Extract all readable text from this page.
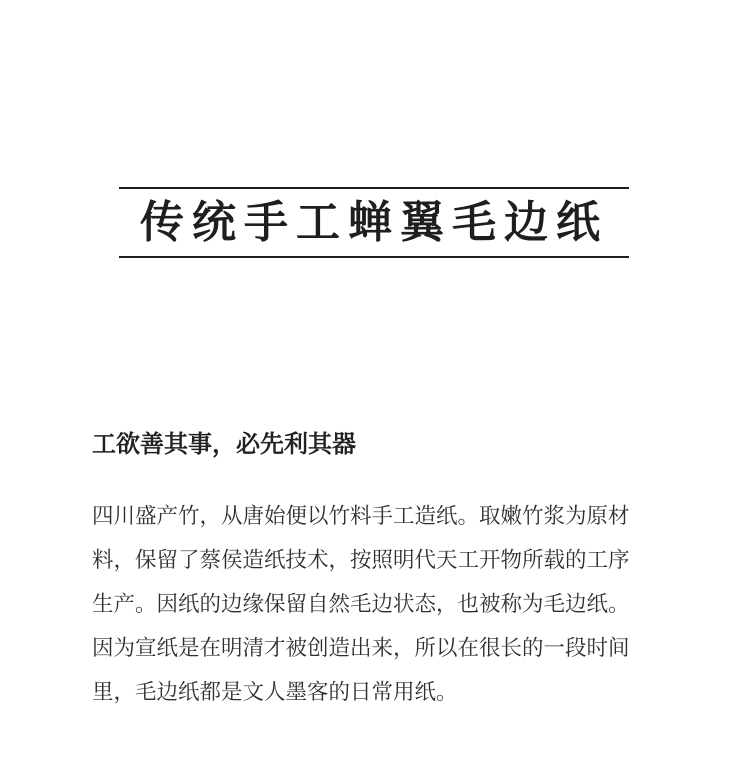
传统手工蝉翼毛边纸
工欲善其事，必先利其器
四川盛产竹，从唐始便以竹料手工造纸。取嫩竹浆为原材
料，保留了蔡侯造纸技术，按照明代天工开物所载的工序
生产。因纸的边缘保留自然毛边状态，也被称为毛边纸。
因为宣纸是在明清才被创造出来，所以在很长的一段时间
里，毛边纸都是文人墨客的日常用纸。
